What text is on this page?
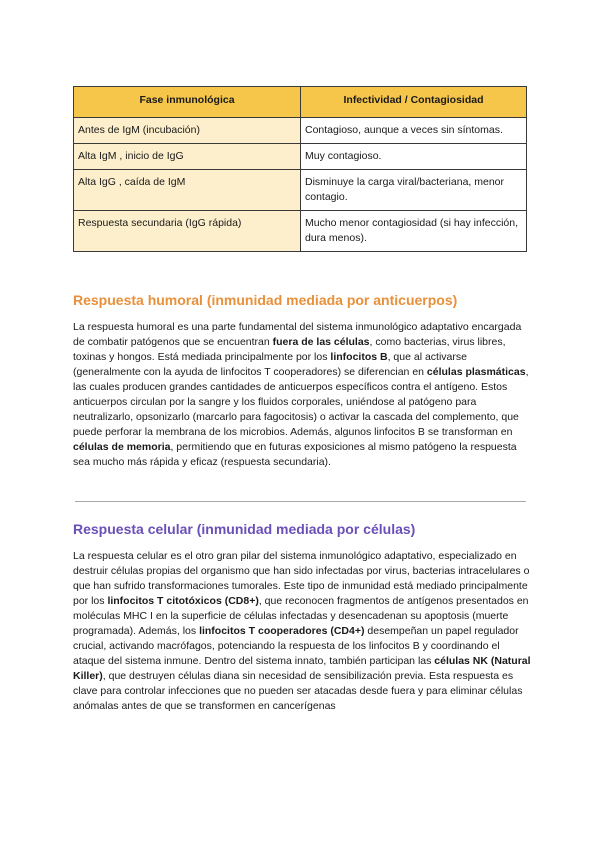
Fase inmunológica	Infectividad / Contagiosidad
Antes de IgM (incubación)	Contagioso, aunque a veces sin síntomas.
Alta IgM , inicio de IgG	Muy contagioso.
Alta IgG , caída de IgM	Disminuye la carga viral/bacteriana, menor contagio.
Respuesta secundaria (IgG rápida)	Mucho menor contagiosidad (si hay infección, dura menos).
Respuesta humoral (inmunidad mediada por anticuerpos)

La respuesta humoral es una parte fundamental del sistema inmunológico adaptativo encargada de combatir patógenos que se encuentran fuera de las células, como bacterias, virus libres, toxinas y hongos. Está mediada principalmente por los linfocitos B, que al activarse (generalmente con la ayuda de linfocitos T cooperadores) se diferencian en células plasmáticas, las cuales producen grandes cantidades de anticuerpos específicos contra el antígeno. Estos anticuerpos circulan por la sangre y los fluidos corporales, uniéndose al patógeno para neutralizarlo, opsonizarlo (marcarlo para fagocitosis) o activar la cascada del complemento, que puede perforar la membrana de los microbios. Además, algunos linfocitos B se transforman en células de memoria, permitiendo que en futuras exposiciones al mismo patógeno la respuesta sea mucho más rápida y eficaz (respuesta secundaria).

Respuesta celular (inmunidad mediada por células)

La respuesta celular es el otro gran pilar del sistema inmunológico adaptativo, especializado en destruir células propias del organismo que han sido infectadas por virus, bacterias intracelulares o que han sufrido transformaciones tumorales. Este tipo de inmunidad está mediado principalmente por los linfocitos T citotóxicos (CD8+), que reconocen fragmentos de antígenos presentados en moléculas MHC I en la superficie de células infectadas y desencadenan su apoptosis (muerte programada). Además, los linfocitos T cooperadores (CD4+) desempeñan un papel regulador crucial, activando macrófagos, potenciando la respuesta de los linfocitos B y coordinando el ataque del sistema inmune. Dentro del sistema innato, también participan las células NK (Natural Killer), que destruyen células diana sin necesidad de sensibilización previa. Esta respuesta es clave para controlar infecciones que no pueden ser atacadas desde fuera y para eliminar células anómalas antes de que se transformen en cancerígenas
